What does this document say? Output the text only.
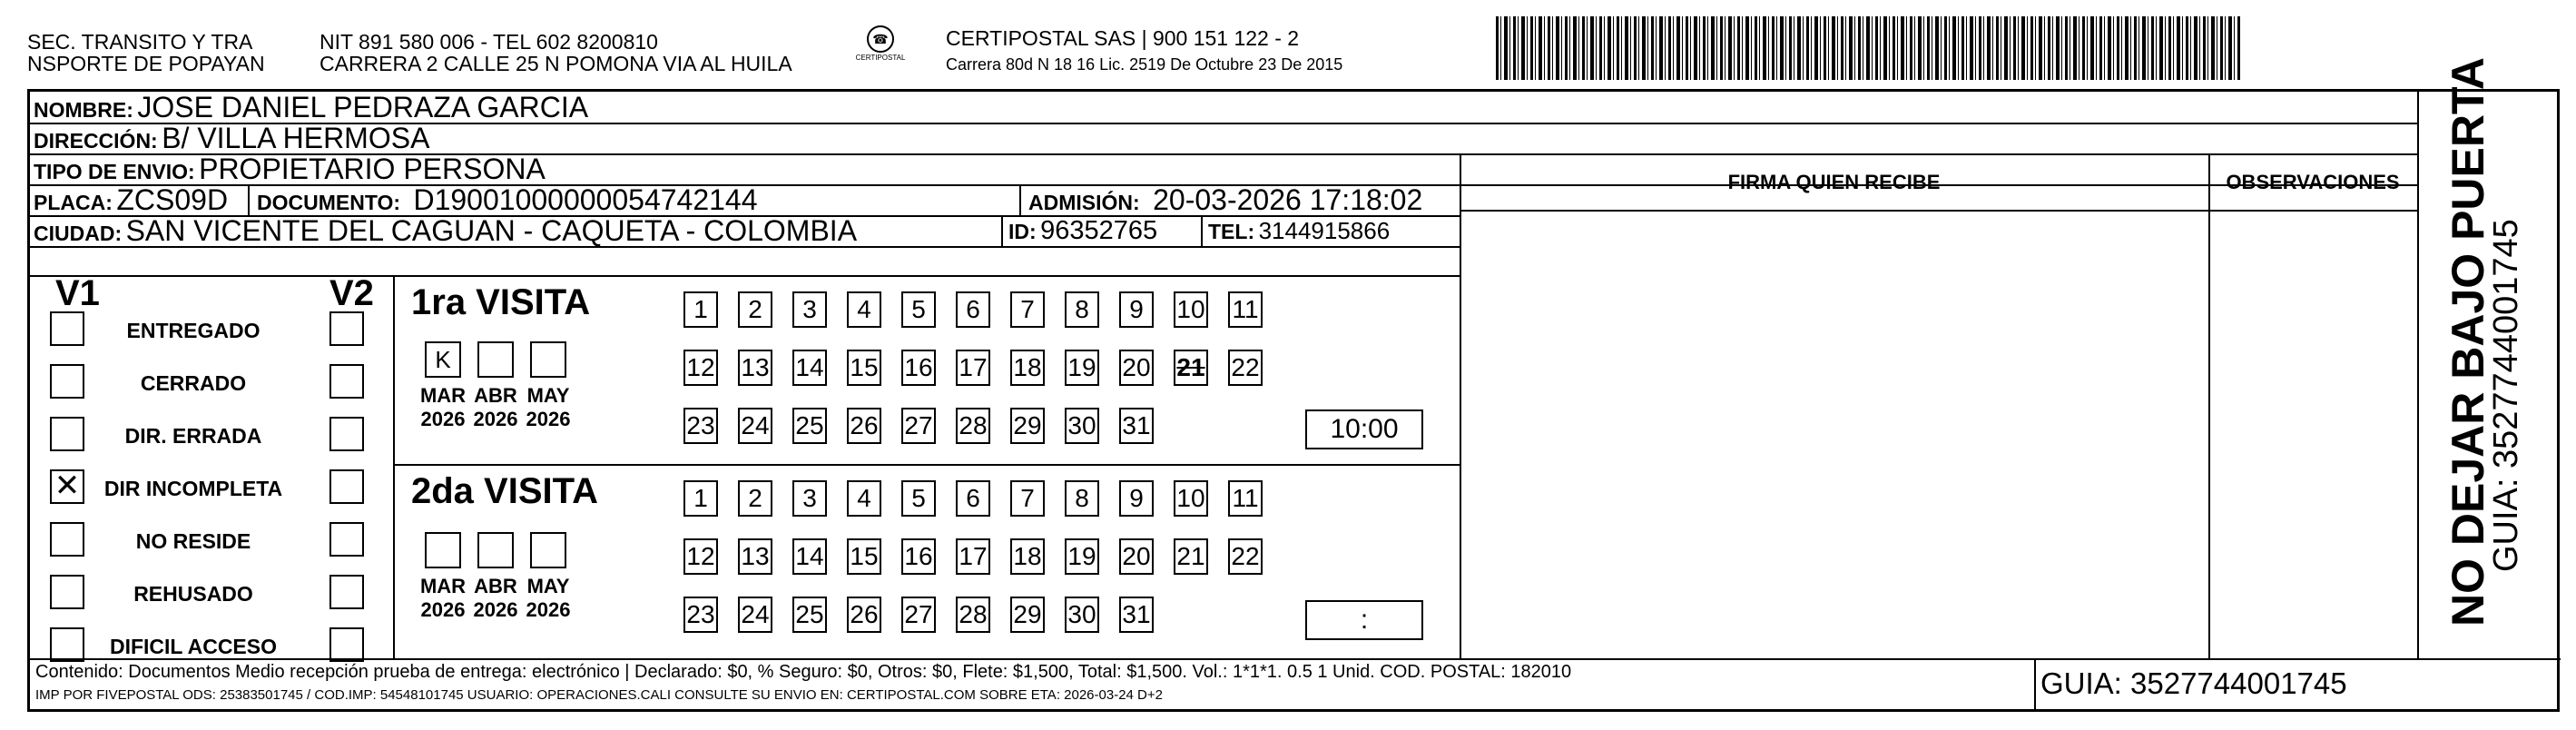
SEC. TRANSITO Y TRA
NSPORTE DE POPAYAN
NIT 891 580 006 - TEL 602 8200810
CARRERA 2 CALLE 25 N POMONA VIA AL HUILA
☎
CERTIPOSTAL
CERTIPOSTAL SAS | 900 151 122 - 2
Carrera 80d N 18 16 Lic. 2519 De Octubre 23 De 2015
NOMBRE: JOSE DANIEL PEDRAZA GARCIA
DIRECCIÓN: B/ VILLA HERMOSA
TIPO DE ENVIO: PROPIETARIO PERSONA	FIRMA QUIEN RECIBE	OBSERVACIONES
PLACA: ZCS09D DOCUMENTO: D19001000000054742144	ADMISIÓN: 20-03-2026 17:18:02
CIUDAD: SAN VICENTE DEL CAGUAN - CAQUETA - COLOMBIA	ID: 96352765 TEL: 3144915866
V1	V2
ENTREGADO
CERRADO
DIR. ERRADA
✕	DIR INCOMPLETA
NO RESIDE
REHUSADO
DIFICIL ACCESO
1ra VISITA
K
MAR
2026
ABR
2026
MAY
2026
1	2	3	4	5	6	7	8	9	10 11
12 13 14 15 16 17 18 19 20 21 22
23 24 25 26 27 28 29 30 31	10:00
2da VISITA
MAR
2026
ABR
2026
MAY
2026
1	2	3	4	5	6	7	8	9	10 11
12 13 14 15 16 17 18 19 20 21 22
23 24 25 26 27 28 29 30 31	:
Contenido: Documentos Medio recepción prueba de entrega: electrónico | Declarado: $0, % Seguro: $0, Otros: $0, Flete: $1,500, Total: $1,500. Vol.: 1*1*1. 0.5 1 Unid. COD. POSTAL: 182010
IMP POR FIVEPOSTAL ODS: 25383501745 / COD.IMP: 54548101745 USUARIO: OPERACIONES.CALI CONSULTE SU ENVIO EN: CERTIPOSTAL.COM SOBRE ETA: 2026-03-24 D+2	GUIA: 3527744001745
NO DEJAR BAJO PUERTA
GUIA: 3527744001745
